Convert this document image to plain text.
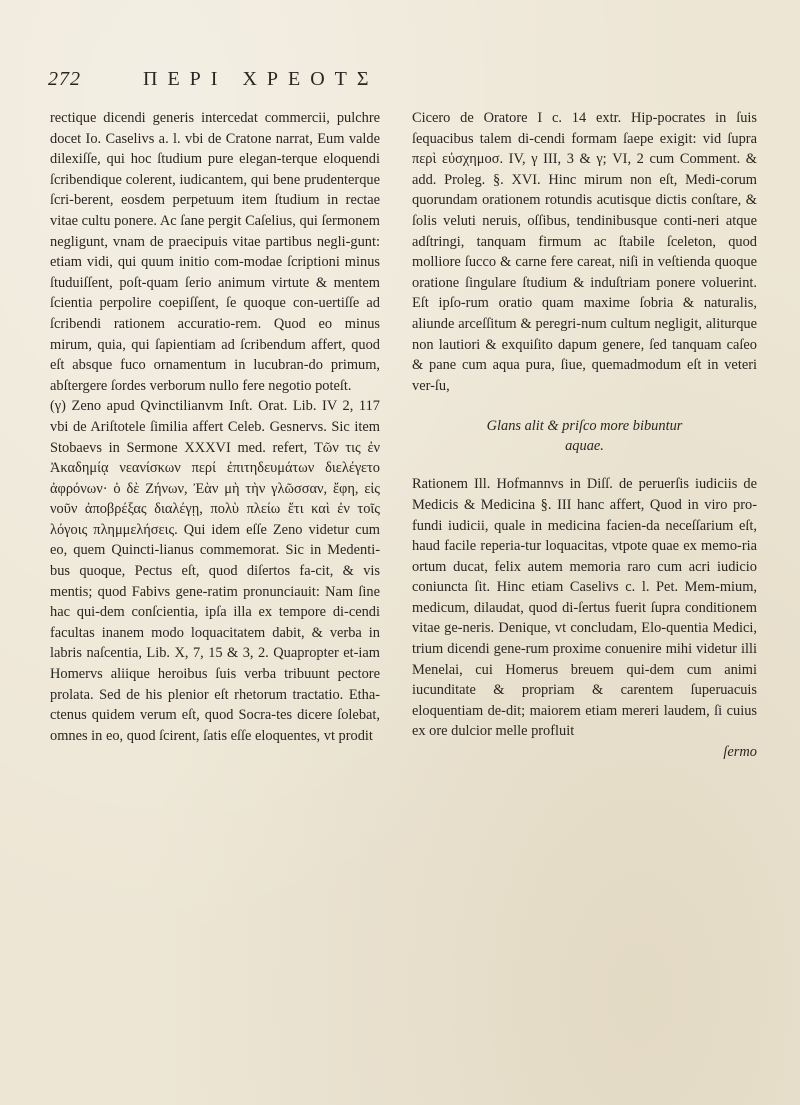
272	ΠΕΡΙ ΧΡΕΟΤΣ

rectique dicendi generis intercedat commercii, pulchre docet Io. Caselivs a. l. vbi de Cratone narrat, Eum valde dilexiſſe, qui hoc ſtudium pure elegan-terque eloquendi ſcribendique colerent, iudicantem, qui bene prudenterque ſcri-berent, eosdem perpetuum item ſtudium in rectae vitae cultu ponere. Ac ſane pergit Caſelius, qui ſermonem negligunt, vnam de praecipuis vitae partibus negli-gunt: etiam vidi, qui quum initio com-modae ſcriptioni minus ſtuduiſſent, poſt-quam ſerio animum virtute & mentem ſcientia perpolire coepiſſent, ſe quoque con-uertiſſe ad ſcribendi rationem accuratio-rem. Quod eo minus mirum, quia, qui ſapientiam ad ſcribendum affert, quod eſt absque fuco ornamentum in lucubran-do primum, abſtergere ſordes verborum nullo fere negotio poteſt.

(γ) Zeno apud Qvinctilianvm Inſt. Orat. Lib. IV 2, 117 vbi de Ariſtotele ſimilia affert Celeb. Gesnervs. Sic item Stobaevs in Sermone XXXVI med. refert, Τῶν τις ἐν Ἀκαδημίᾳ νεανίσκων περί ἐπιτηδευμάτων διελέγετο ἀφρόνων· ὁ δὲ Ζήνων, Ἐὰν μὴ τὴν γλῶσσαν, ἔφη, εἰς νοῦν ἀποβρέξας διαλέγῃ, πολὺ πλείω ἔτι καὶ ἐν τοῖς λόγοις πλημμελήσεις. Qui idem eſſe Zeno videtur cum eo, quem Quincti-lianus commemorat. Sic in Medenti-bus quoque, Pectus eſt, quod diſertos fa-cit, & vis mentis; quod Fabivs gene-ratim pronunciauit: Nam ſine hac qui-dem conſcientia, ipſa illa ex tempore di-cendi facultas inanem modo loquacitatem dabit, & verba in labris naſcentia, Lib. X, 7, 15 & 3, 2. Quapropter et-iam Homervs aliique heroibus ſuis verba tribuunt pectore prolata. Sed de his plenior eſt rhetorum tractatio. Etha-ctenus quidem verum eſt, quod Socra-tes dicere ſolebat, omnes in eo, quod ſcirent, ſatis eſſe eloquentes, vt prodit

Cicero de Oratore I c. 14 extr. Hip-pocrates in ſuis ſequacibus talem di-cendi formam ſaepe exigit: vid ſupra περὶ εὐσχημοσ. IV, γ III, 3 & γ; VI, 2 cum Comment. & add. Proleg. §. XVI. Hinc mirum non eſt, Medi-corum quorundam orationem rotundis acutisque dictis conſtare, & ſolis veluti neruis, oſſibus, tendinibusque conti-neri atque adſtringi, tanquam firmum ac ſtabile ſceleton, quod molliore ſucco & carne fere careat, niſi in veſtienda quoque oratione ſingulare ſtudium & induſtriam ponere voluerint. Eſt ipſo-rum oratio quam maxime ſobria & naturalis, aliunde arceſſitum & peregri-num cultum negligit, aliturque non lautiori & exquiſito dapum genere, ſed tanquam caſeo & pane cum aqua pura, ſiue, quemadmodum eſt in veteri ver-ſu,

Glans alit & priſco more bibuntur
aquae.

Rationem Ill. Hofmannvs in Diſſ. de peruerſis iudiciis de Medicis & Medicina §. III hanc affert, Quod in viro pro-fundi iudicii, quale in medicina facien-da neceſſarium eſt, haud facile reperia-tur loquacitas, vtpote quae ex memo-ria ortum ducat, felix autem memoria raro cum acri iudicio coniuncta ſit. Hinc etiam Caselivs c. l. Pet. Mem-mium, medicum, dilaudat, quod di-ſertus fuerit ſupra conditionem vitae ge-neris. Denique, vt concludam, Elo-quentia Medici, trium dicendi gene-rum proxime conuenire mihi videtur illi Menelai, cui Homerus breuem qui-dem cum animi iucunditate & propriam & carentem ſuperuacuis eloquentiam de-dit; maiorem etiam mereri laudem, ſi cuius ex ore dulcior melle profluit

ſermo
